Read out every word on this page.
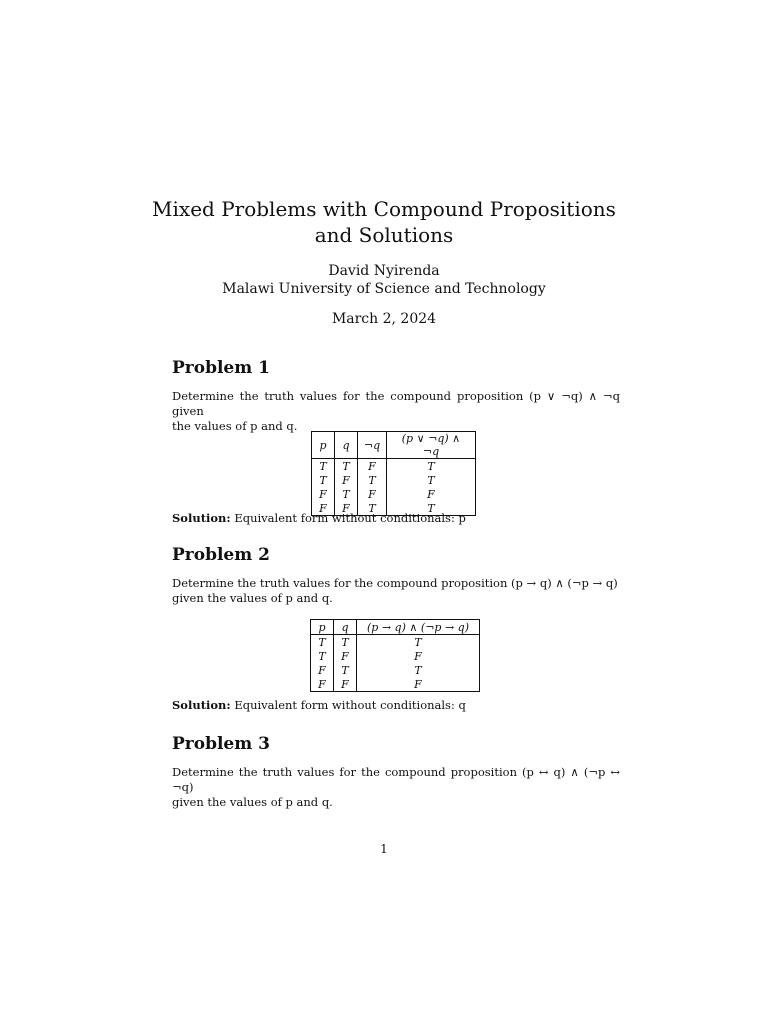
Mixed Problems with Compound Propositions
and Solutions
David Nyirenda
Malawi University of Science and Technology
March 2, 2024
Problem 1
Determine the truth values for the compound proposition (p ∨ ¬q) ∧ ¬q given
the values of p and q.
p	q	¬q	(p ∨ ¬q) ∧ ¬q
T	T	F	T
T	F	T	T
F	T	F	F
F	F	T	T
Solution: Equivalent form without conditionals: p
Problem 2
Determine the truth values for the compound proposition (p → q) ∧ (¬p → q)
given the values of p and q.
p	q	(p → q) ∧ (¬p → q)
T	T	T
T	F	F
F	T	T
F	F	F
Solution: Equivalent form without conditionals: q
Problem 3
Determine the truth values for the compound proposition (p ↔ q) ∧ (¬p ↔ ¬q)
given the values of p and q.
1
